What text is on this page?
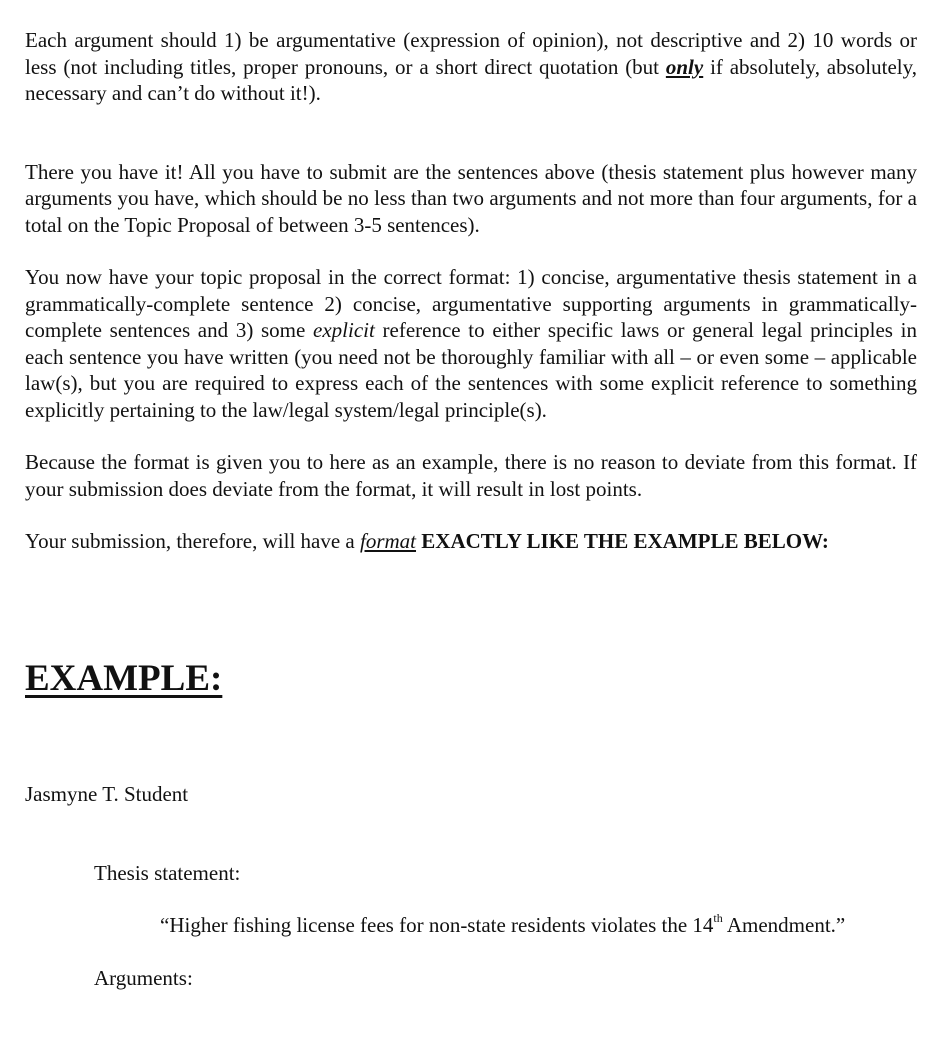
Each argument should 1) be argumentative (expression of opinion), not descriptive and 2) 10 words or less (not including titles, proper pronouns, or a short direct quotation (but only if absolutely, absolutely, necessary and can’t do without it!).

There you have it! All you have to submit are the sentences above (thesis statement plus however many arguments you have, which should be no less than two arguments and not more than four arguments, for a total on the Topic Proposal of between 3-5 sentences).

You now have your topic proposal in the correct format: 1) concise, argumentative thesis statement in a grammatically-complete sentence 2) concise, argumentative supporting arguments in grammatically-complete sentences and 3) some explicit reference to either specific laws or general legal principles in each sentence you have written (you need not be thoroughly familiar with all – or even some – applicable law(s), but you are required to express each of the sentences with some explicit reference to something explicitly pertaining to the law/legal system/legal principle(s).

Because the format is given you to here as an example, there is no reason to deviate from this format. If your submission does deviate from the format, it will result in lost points.

Your submission, therefore, will have a format EXACTLY LIKE THE EXAMPLE BELOW:

EXAMPLE:
Jasmyne T. Student
Thesis statement:
“Higher fishing license fees for non-state residents violates the 14th Amendment.”
Arguments:
